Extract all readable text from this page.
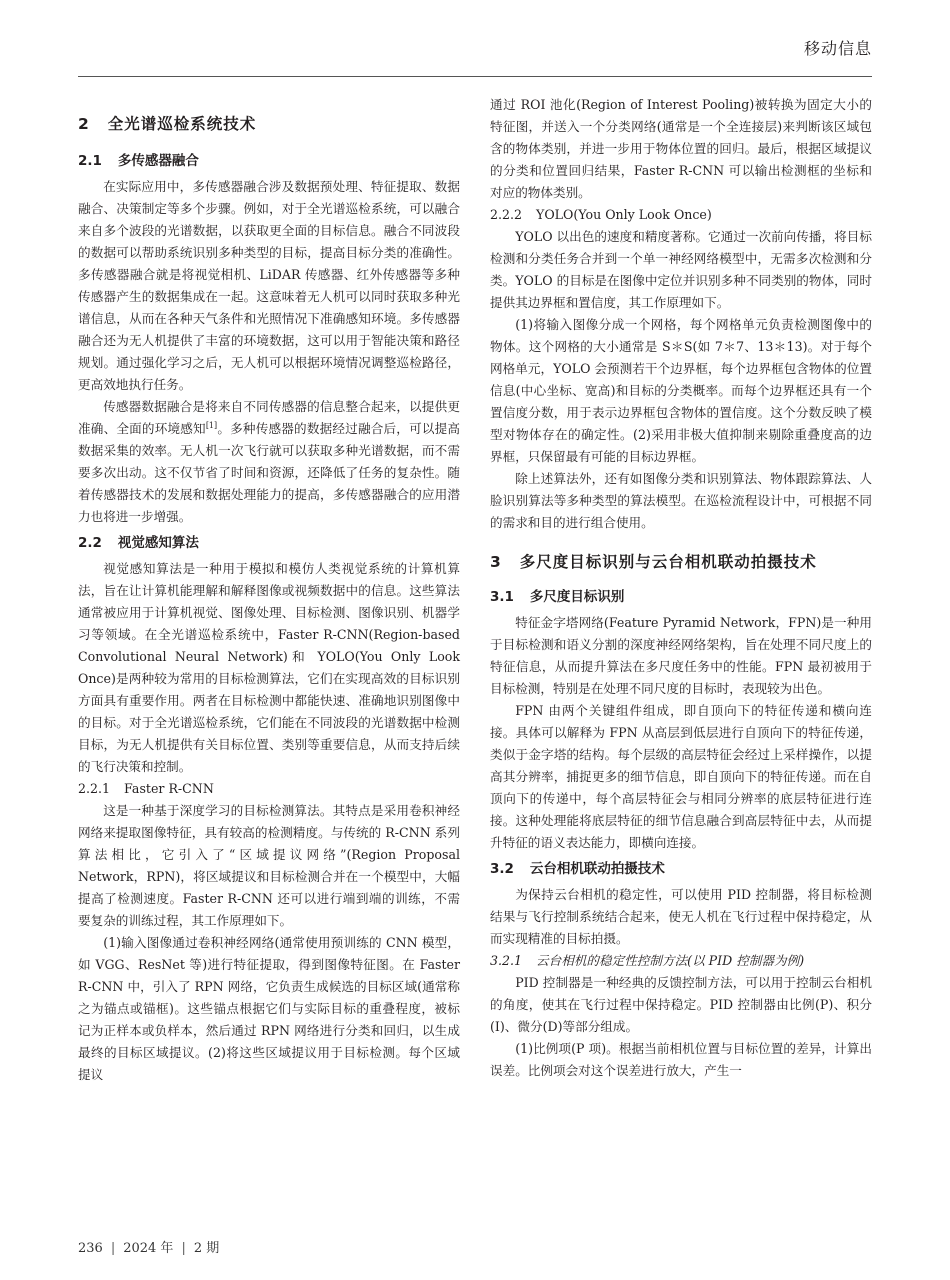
移动信息
2 全光谱巡检系统技术
2.1 多传感器融合

在实际应用中，多传感器融合涉及数据预处理、特征提取、数据融合、决策制定等多个步骤。例如，对于全光谱巡检系统，可以融合来自多个波段的光谱数据，以获取更全面的目标信息。融合不同波段的数据可以帮助系统识别多种类型的目标，提高目标分类的准确性。多传感器融合就是将视觉相机、LiDAR 传感器、红外传感器等多种传感器产生的数据集成在一起。这意味着无人机可以同时获取多种光谱信息，从而在各种天气条件和光照情况下准确感知环境。多传感器融合还为无人机提供了丰富的环境数据，这可以用于智能决策和路径规划。通过强化学习之后，无人机可以根据环境情况调整巡检路径，更高效地执行任务。

传感器数据融合是将来自不同传感器的信息整合起来，以提供更准确、全面的环境感知[1]。多种传感器的数据经过融合后，可以提高数据采集的效率。无人机一次飞行就可以获取多种光谱数据，而不需要多次出动。这不仅节省了时间和资源，还降低了任务的复杂性。随着传感器技术的发展和数据处理能力的提高，多传感器融合的应用潜力也将进一步增强。

2.2 视觉感知算法

视觉感知算法是一种用于模拟和模仿人类视觉系统的计算机算法，旨在让计算机能理解和解释图像或视频数据中的信息。这些算法通常被应用于计算机视觉、图像处理、目标检测、图像识别、机器学习等领域。在全光谱巡检系统中，Faster R-CNN(Region-based Convolutional Neural Network)和 YOLO(You Only Look Once)是两种较为常用的目标检测算法，它们在实现高效的目标识别方面具有重要作用。两者在目标检测中都能快速、准确地识别图像中的目标。对于全光谱巡检系统，它们能在不同波段的光谱数据中检测目标，为无人机提供有关目标位置、类别等重要信息，从而支持后续的飞行决策和控制。

2.2.1 Faster R-CNN

这是一种基于深度学习的目标检测算法。其特点是采用卷积神经网络来提取图像特征，具有较高的检测精度。与传统的 R-CNN 系列算法相比，它引入了“区域提议网络”(Region Proposal Network，RPN)，将区域提议和目标检测合并在一个模型中，大幅提高了检测速度。Faster R-CNN 还可以进行端到端的训练，不需要复杂的训练过程，其工作原理如下。

(1)输入图像通过卷积神经网络(通常使用预训练的 CNN 模型，如 VGG、ResNet 等)进行特征提取，得到图像特征图。在 Faster R-CNN 中，引入了 RPN 网络，它负责生成候选的目标区域(通常称之为锚点或锚框)。这些锚点根据它们与实际目标的重叠程度，被标记为正样本或负样本，然后通过 RPN 网络进行分类和回归，以生成最终的目标区域提议。(2)将这些区域提议用于目标检测。每个区域提议

通过 ROI 池化(Region of Interest Pooling)被转换为固定大小的特征图，并送入一个分类网络(通常是一个全连接层)来判断该区域包含的物体类别，并进一步用于物体位置的回归。最后，根据区域提议的分类和位置回归结果，Faster R-CNN 可以输出检测框的坐标和对应的物体类别。

2.2.2 YOLO(You Only Look Once)

YOLO 以出色的速度和精度著称。它通过一次前向传播，将目标检测和分类任务合并到一个单一神经网络模型中，无需多次检测和分类。YOLO 的目标是在图像中定位并识别多种不同类别的物体，同时提供其边界框和置信度，其工作原理如下。

(1)将输入图像分成一个网格，每个网格单元负责检测图像中的物体。这个网格的大小通常是 S＊S(如 7＊7、13＊13)。对于每个网格单元，YOLO 会预测若干个边界框，每个边界框包含物体的位置信息(中心坐标、宽高)和目标的分类概率。而每个边界框还具有一个置信度分数，用于表示边界框包含物体的置信度。这个分数反映了模型对物体存在的确定性。(2)采用非极大值抑制来剔除重叠度高的边界框，只保留最有可能的目标边界框。

除上述算法外，还有如图像分类和识别算法、物体跟踪算法、人脸识别算法等多种类型的算法模型。在巡检流程设计中，可根据不同的需求和目的进行组合使用。

3 多尺度目标识别与云台相机联动拍摄技术
3.1 多尺度目标识别

特征金字塔网络(Feature Pyramid Network，FPN)是一种用于目标检测和语义分割的深度神经网络架构，旨在处理不同尺度上的特征信息，从而提升算法在多尺度任务中的性能。FPN 最初被用于目标检测，特别是在处理不同尺度的目标时，表现较为出色。

FPN 由两个关键组件组成，即自顶向下的特征传递和横向连接。具体可以解释为 FPN 从高层到低层进行自顶向下的特征传递，类似于金字塔的结构。每个层级的高层特征会经过上采样操作，以提高其分辨率，捕捉更多的细节信息，即自顶向下的特征传递。而在自顶向下的传递中，每个高层特征会与相同分辨率的底层特征进行连接。这种处理能将底层特征的细节信息融合到高层特征中去，从而提升特征的语义表达能力，即横向连接。

3.2 云台相机联动拍摄技术

为保持云台相机的稳定性，可以使用 PID 控制器，将目标检测结果与飞行控制系统结合起来，使无人机在飞行过程中保持稳定，从而实现精准的目标拍摄。

3.2.1 云台相机的稳定性控制方法(以 PID 控制器为例)

PID 控制器是一种经典的反馈控制方法，可以用于控制云台相机的角度，使其在飞行过程中保持稳定。PID 控制器由比例(P)、积分(I)、微分(D)等部分组成。

(1)比例项(P 项)。根据当前相机位置与目标位置的差异，计算出误差。比例项会对这个误差进行放大，产生一

236 | 2024 年 | 2 期
